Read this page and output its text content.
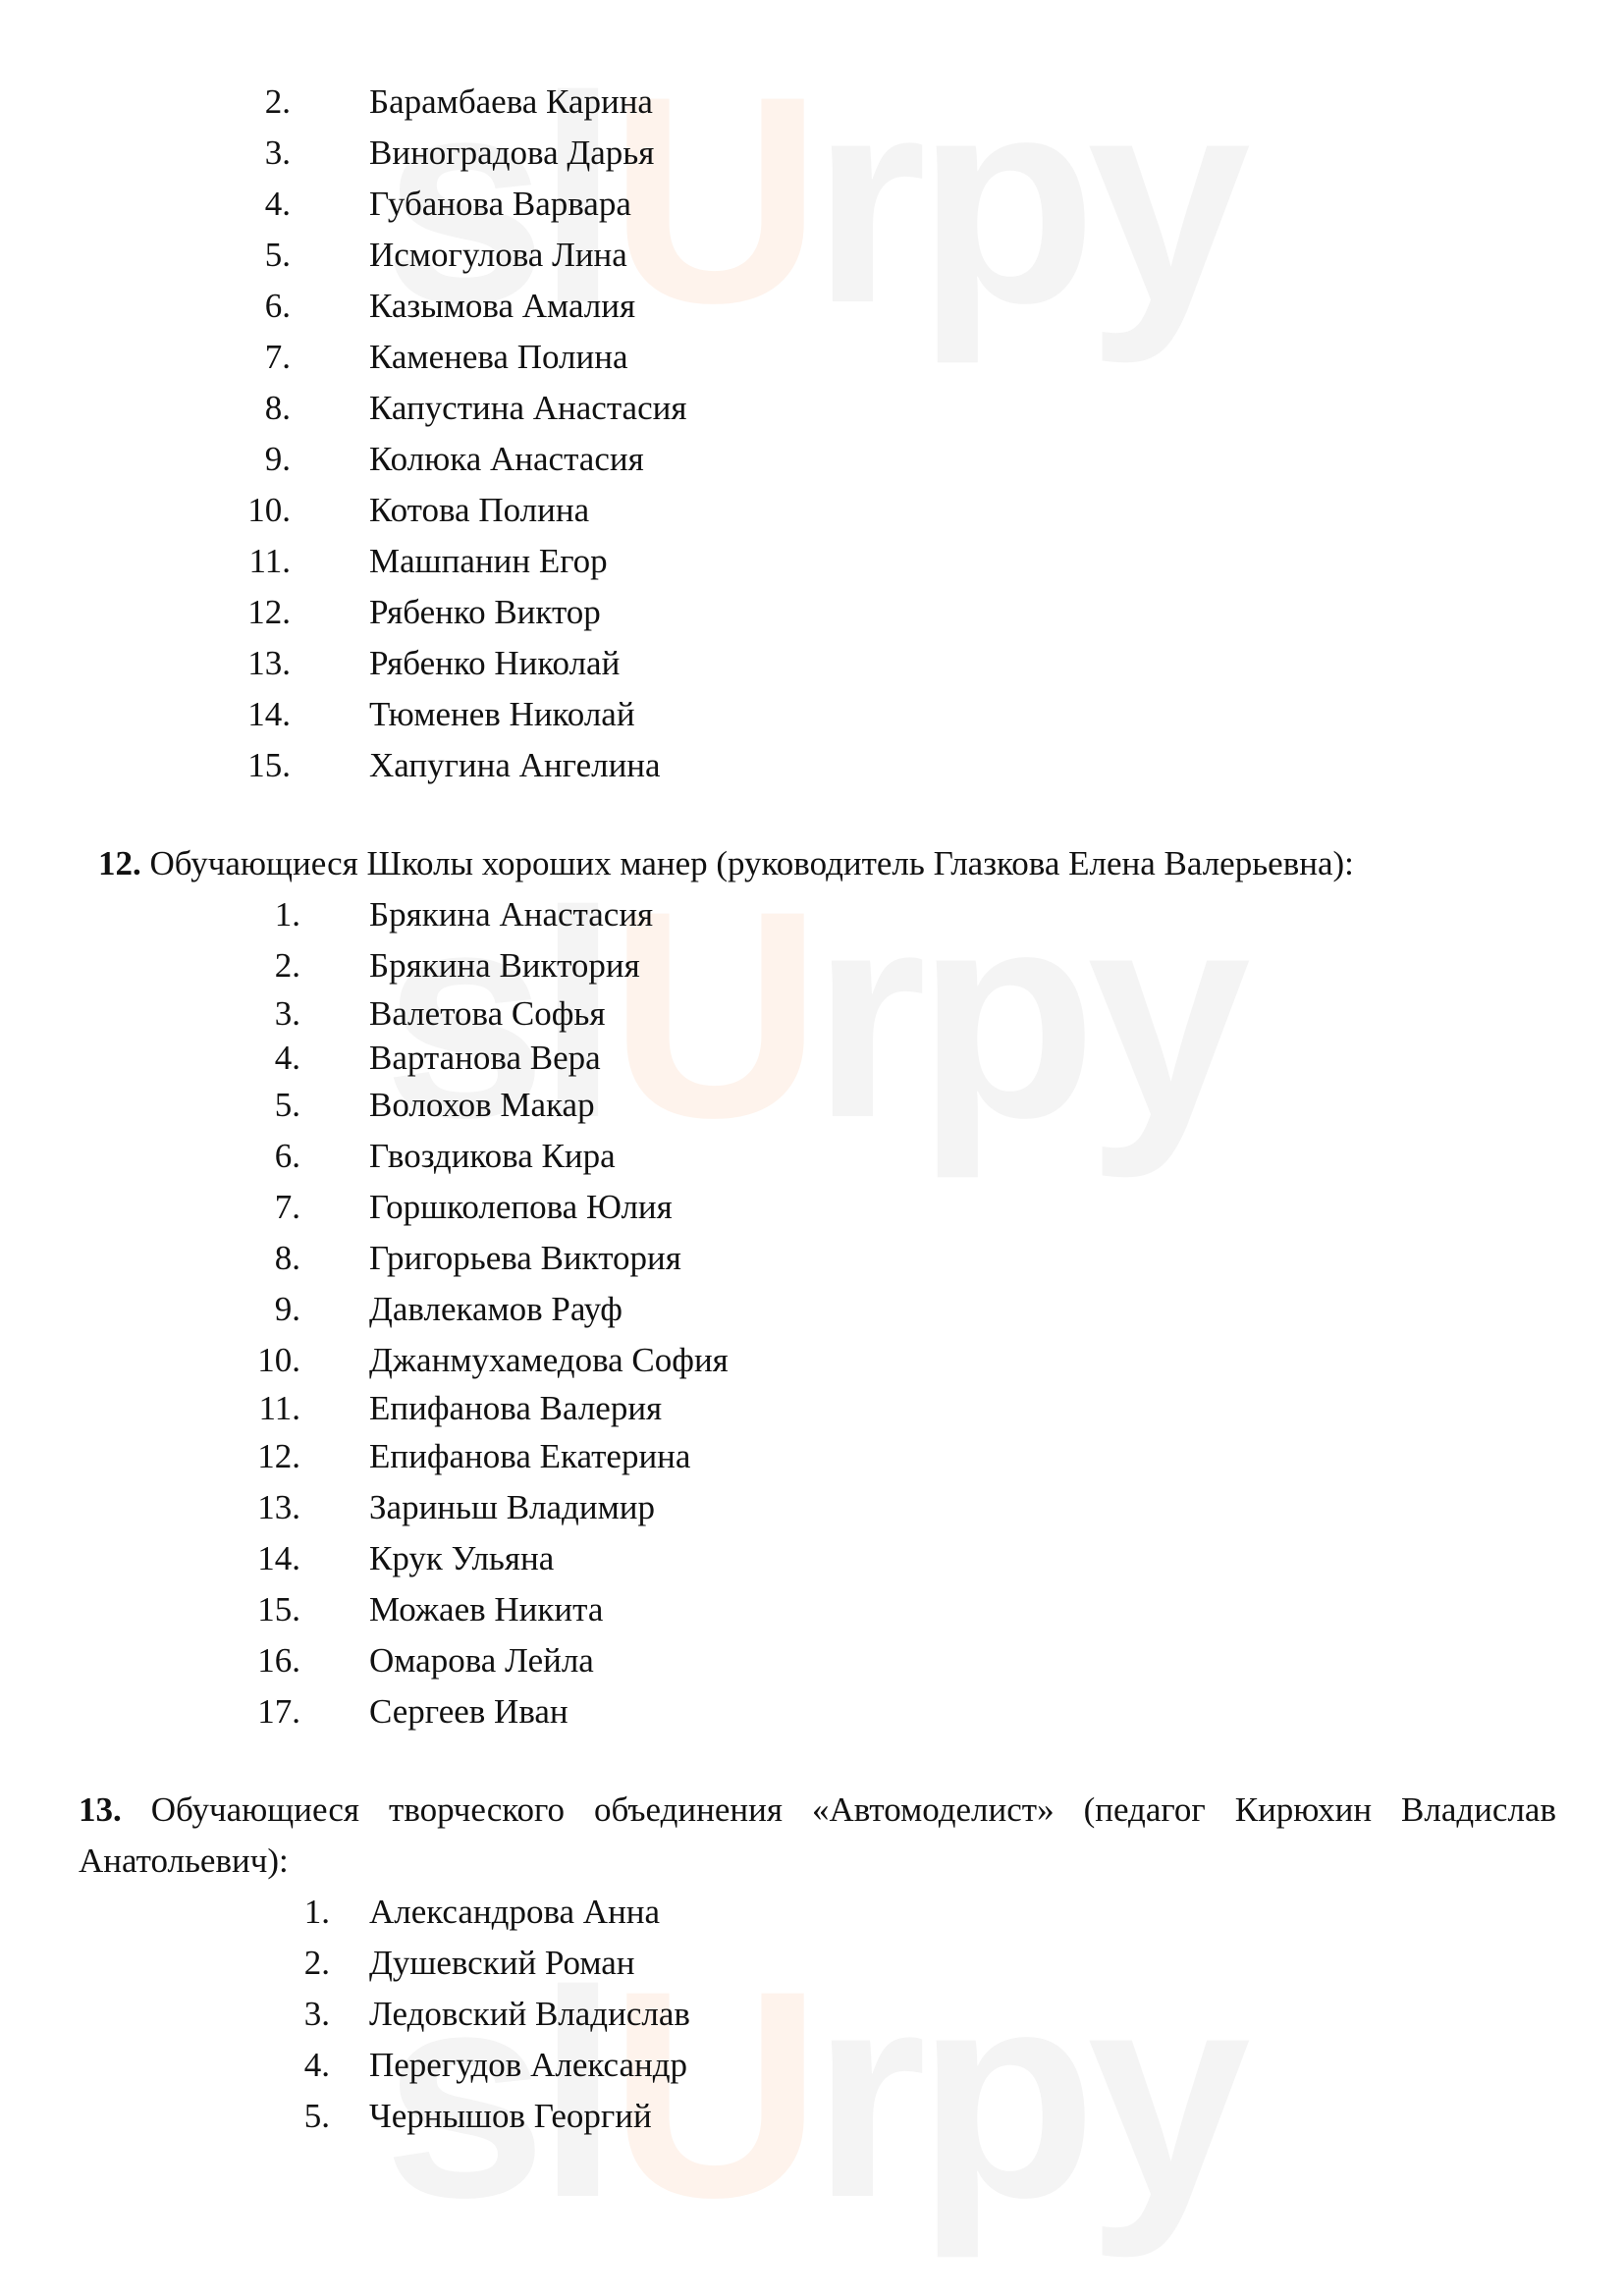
U
U
U
2. Барамбаева Карина
3. Виноградова Дарья
4. Губанова Варвара
5. Исмогулова Лина
6. Казымова Амалия
7. Каменева Полина
8. Капустина Анастасия
9. Колюка Анастасия
10. Котова Полина
11. Машпанин Егор
12. Рябенко Виктор
13. Рябенко Николай
14. Тюменев Николай
15. Хапугина Ангелина

12. Обучающиеся Школы хороших манер (руководитель Глазкова Елена Валерьевна):

1. Брякина Анастасия
2. Брякина Виктория
3. Валетова Софья
4. Вартанова Вера
5. Волохов Макар
6. Гвоздикова Кира
7. Горшколепова Юлия
8. Григорьева Виктория
9. Давлекамов Рауф
10. Джанмухамедова София
11. Епифанова Валерия
12. Епифанова Екатерина
13. Зариньш Владимир
14. Крук Ульяна
15. Можаев Никита
16. Омарова Лейла
17. Сергеев Иван

13. Обучающиеся творческого объединения «Автомоделист» (педагог Кирюхин Владислав Анатольевич):

1. Александрова Анна
2. Душевский Роман
3. Ледовский Владислав
4. Перегудов Александр
5. Чернышов Георгий
